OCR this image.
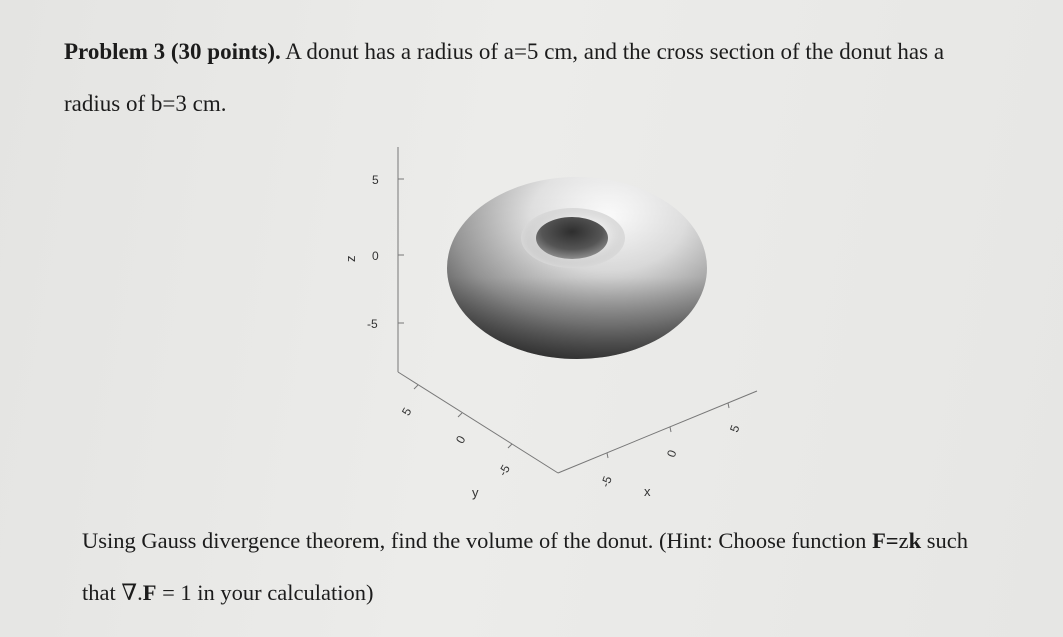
Problem 3 (30 points). A donut has a radius of a=5 cm, and the cross section of the donut has a
radius of b=3 cm.
5
0
-5
z
5
0
-5
y
-5
0
5
x
Using Gauss divergence theorem, find the volume of the donut. (Hint: Choose function F=zk such
that ∇.F = 1 in your calculation)
